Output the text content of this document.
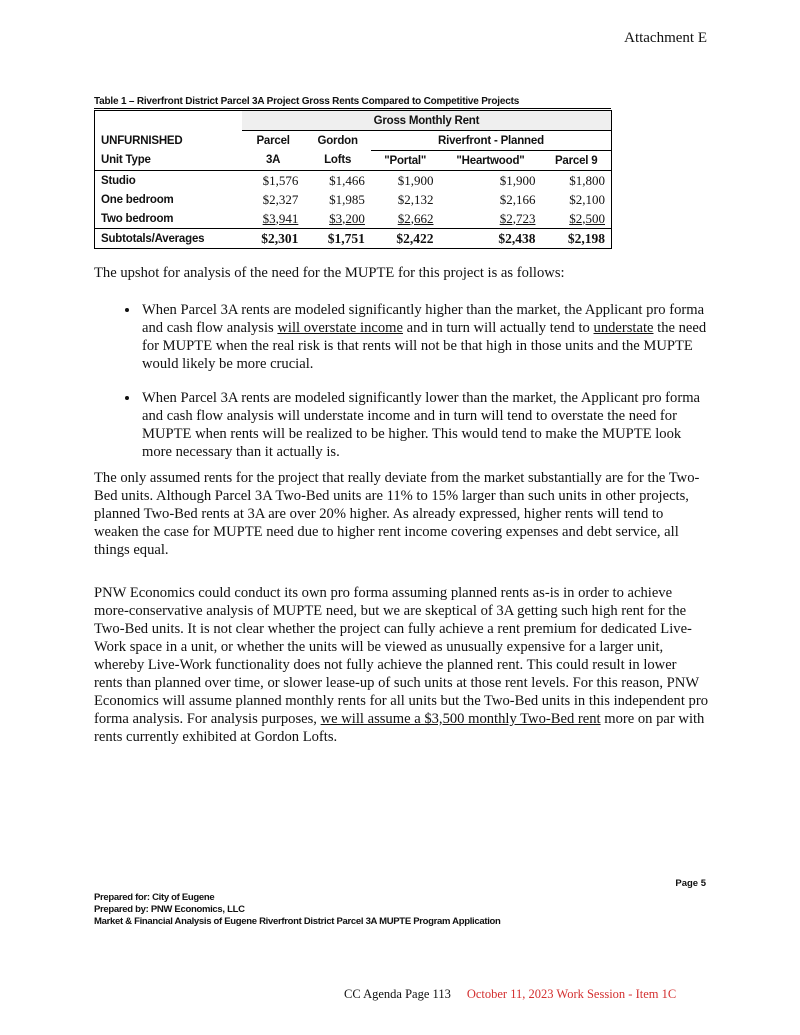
Attachment E
Table 1 – Riverfront District Parcel 3A Project Gross Rents Compared to Competitive Projects
	Gross Monthly Rent				
UNFURNISHED	Parcel	Gordon	Riverfront - Planned		
Unit Type	3A	Lofts	"Portal"	"Heartwood"	Parcel 9
Studio	$1,576	$1,466	$1,900	$1,900	$1,800
One bedroom	$2,327	$1,985	$2,132	$2,166	$2,100
Two bedroom	$3,941	$3,200	$2,662	$2,723	$2,500
Subtotals/Averages	$2,301	$1,751	$2,422	$2,438	$2,198
The upshot for analysis of the need for the MUPTE for this project is as follows:
• When Parcel 3A rents are modeled significantly higher than the market, the Applicant pro forma and cash flow analysis will overstate income and in turn will actually tend to understate the need for MUPTE when the real risk is that rents will not be that high in those units and the MUPTE would likely be more crucial.
• When Parcel 3A rents are modeled significantly lower than the market, the Applicant pro forma and cash flow analysis will understate income and in turn will tend to overstate the need for MUPTE when rents will be realized to be higher. This would tend to make the MUPTE look more necessary than it actually is.
The only assumed rents for the project that really deviate from the market substantially are for the Two-Bed units. Although Parcel 3A Two-Bed units are 11% to 15% larger than such units in other projects, planned Two-Bed rents at 3A are over 20% higher. As already expressed, higher rents will tend to weaken the case for MUPTE need due to higher rent income covering expenses and debt service, all things equal.
PNW Economics could conduct its own pro forma assuming planned rents as-is in order to achieve more-conservative analysis of MUPTE need, but we are skeptical of 3A getting such high rent for the Two-Bed units. It is not clear whether the project can fully achieve a rent premium for dedicated Live-Work space in a unit, or whether the units will be viewed as unusually expensive for a larger unit, whereby Live-Work functionality does not fully achieve the planned rent. This could result in lower rents than planned over time, or slower lease-up of such units at those rent levels. For this reason, PNW Economics will assume planned monthly rents for all units but the Two-Bed units in this independent pro forma analysis. For analysis purposes, we will assume a $3,500 monthly Two-Bed rent more on par with rents currently exhibited at Gordon Lofts.
Page 5
Prepared for: City of Eugene
Prepared by: PNW Economics, LLC
Market & Financial Analysis of Eugene Riverfront District Parcel 3A MUPTE Program Application
CC Agenda Page 113 October 11, 2023 Work Session - Item 1C
